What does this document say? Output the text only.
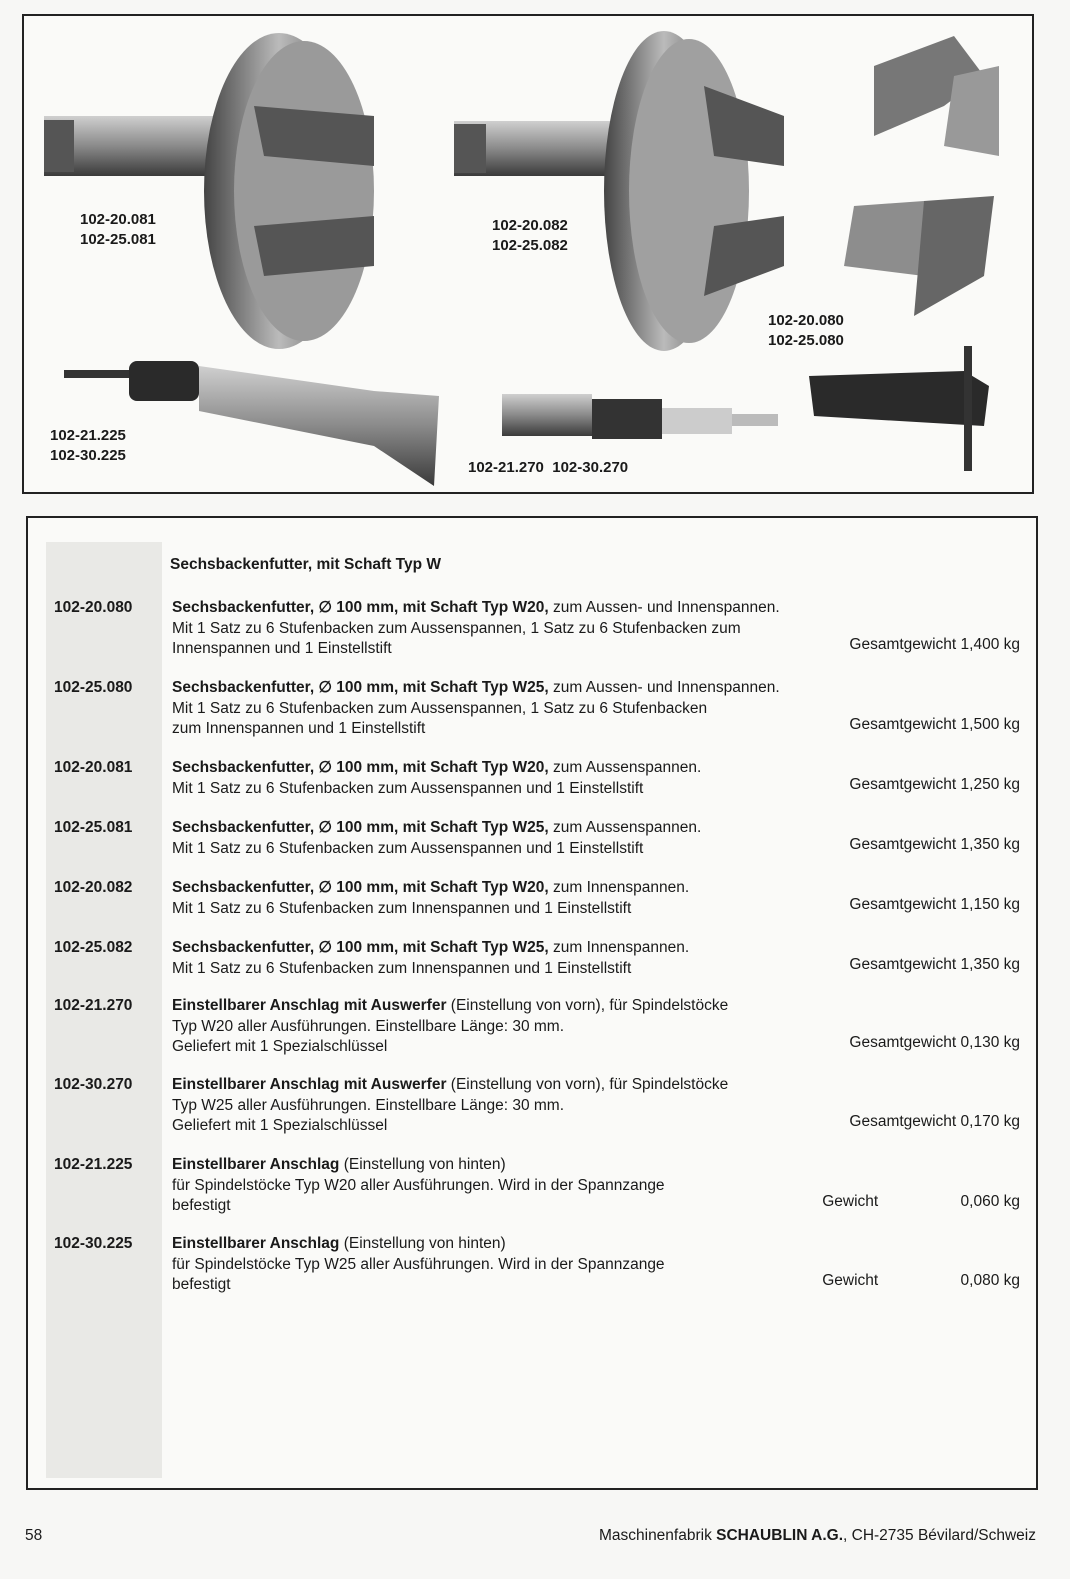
102-20.081
102-25.081
102-20.082
102-25.082
102-20.080
102-25.080
102-21.225
102-30.225
102-21.270  102-30.270
Sechsbackenfutter, mit Schaft Typ W
102-20.080	Sechsbackenfutter, ∅ 100 mm, mit Schaft Typ W20, zum Aussen- und Innenspannen.
Mit 1 Satz zu 6 Stufenbacken zum Aussenspannen, 1 Satz zu 6 Stufenbacken zum
Innenspannen und 1 Einstellstift	Gesamtgewicht 1,400 kg
102-25.080	Sechsbackenfutter, ∅ 100 mm, mit Schaft Typ W25, zum Aussen- und Innenspannen.
Mit 1 Satz zu 6 Stufenbacken zum Aussenspannen, 1 Satz zu 6 Stufenbacken
zum Innenspannen und 1 Einstellstift	Gesamtgewicht 1,500 kg
102-20.081	Sechsbackenfutter, ∅ 100 mm, mit Schaft Typ W20, zum Aussenspannen.
Mit 1 Satz zu 6 Stufenbacken zum Aussenspannen und 1 Einstellstift	Gesamtgewicht 1,250 kg
102-25.081	Sechsbackenfutter, ∅ 100 mm, mit Schaft Typ W25, zum Aussenspannen.
Mit 1 Satz zu 6 Stufenbacken zum Aussenspannen und 1 Einstellstift	Gesamtgewicht 1,350 kg
102-20.082	Sechsbackenfutter, ∅ 100 mm, mit Schaft Typ W20, zum Innenspannen.
Mit 1 Satz zu 6 Stufenbacken zum Innenspannen und 1 Einstellstift	Gesamtgewicht 1,150 kg
102-25.082	Sechsbackenfutter, ∅ 100 mm, mit Schaft Typ W25, zum Innenspannen.
Mit 1 Satz zu 6 Stufenbacken zum Innenspannen und 1 Einstellstift	Gesamtgewicht 1,350 kg
102-21.270	Einstellbarer Anschlag mit Auswerfer (Einstellung von vorn), für Spindelstöcke
Typ W20 aller Ausführungen. Einstellbare Länge: 30 mm.
Geliefert mit 1 Spezialschlüssel	Gesamtgewicht 0,130 kg
102-30.270	Einstellbarer Anschlag mit Auswerfer (Einstellung von vorn), für Spindelstöcke
Typ W25 aller Ausführungen. Einstellbare Länge: 30 mm.
Geliefert mit 1 Spezialschlüssel	Gesamtgewicht 0,170 kg
102-21.225	Einstellbarer Anschlag (Einstellung von hinten)
für Spindelstöcke Typ W20 aller Ausführungen. Wird in der Spannzange
befestigt	Gewicht	0,060 kg
102-30.225	Einstellbarer Anschlag (Einstellung von hinten)
für Spindelstöcke Typ W25 aller Ausführungen. Wird in der Spannzange
befestigt	Gewicht	0,080 kg
58	Maschinenfabrik SCHAUBLIN A.G., CH-2735 Bévilard/Schweiz
